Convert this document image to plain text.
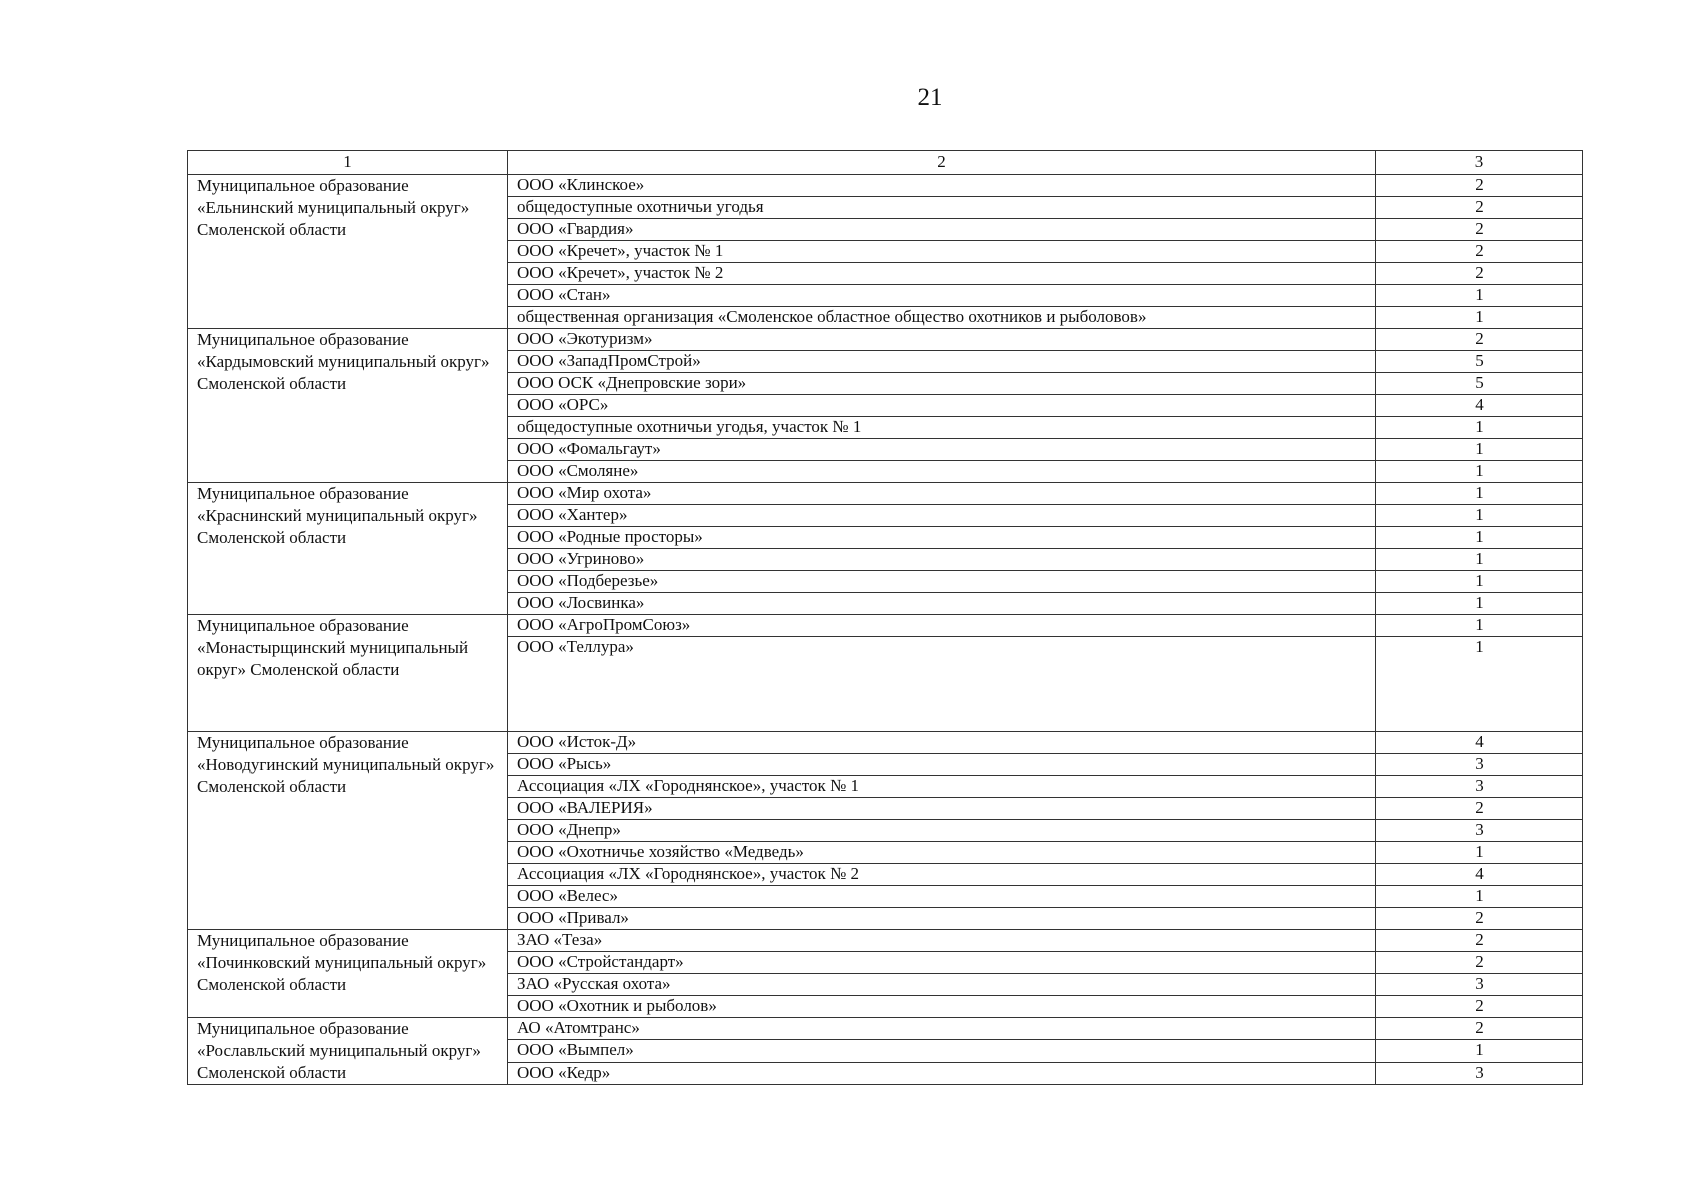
21
1	2	3
Муниципальное образование «Ельнинский муниципальный округ» Смоленской области	ООО «Клинское»	2
	общедоступные охотничьи угодья	2
	ООО «Гвардия»	2
	ООО «Кречет», участок № 1	2
	ООО «Кречет», участок № 2	2
	ООО «Стан»	1
	общественная организация «Смоленское областное общество охотников и рыболовов»	1
Муниципальное образование «Кардымовский муниципальный округ» Смоленской области	ООО «Экотуризм»	2
	ООО «ЗападПромСтрой»	5
	ООО ОСК «Днепровские зори»	5
	ООО «ОРС»	4
	общедоступные охотничьи угодья, участок № 1	1
	ООО «Фомальгаут»	1
	ООО «Смоляне»	1
Муниципальное образование «Краснинский муниципальный округ» Смоленской области	ООО «Мир охота»	1
	ООО «Хантер»	1
	ООО «Родные просторы»	1
	ООО «Угриново»	1
	ООО «Подберезье»	1
	ООО «Лосвинка»	1
Муниципальное образование «Монастырщинский муниципальный округ» Смоленской области	ООО «АгроПромСоюз»	1
	ООО «Теллура»	1
Муниципальное образование «Новодугинский муниципальный округ» Смоленской области	ООО «Исток-Д»	4
	ООО «Рысь»	3
	Ассоциация «ЛХ «Городнянское», участок № 1	3
	ООО «ВАЛЕРИЯ»	2
	ООО «Днепр»	3
	ООО «Охотничье хозяйство «Медведь»	1
	Ассоциация «ЛХ «Городнянское», участок № 2	4
	ООО «Велес»	1
	ООО «Привал»	2
Муниципальное образование «Починковский муниципальный округ» Смоленской области	ЗАО «Теза»	2
	ООО «Стройстандарт»	2
	ЗАО «Русская охота»	3
	ООО «Охотник и рыболов»	2
Муниципальное образование «Рославльский муниципальный округ» Смоленской области	АО «Атомтранс»	2
	ООО «Вымпел»	1
	ООО «Кедр»	3
